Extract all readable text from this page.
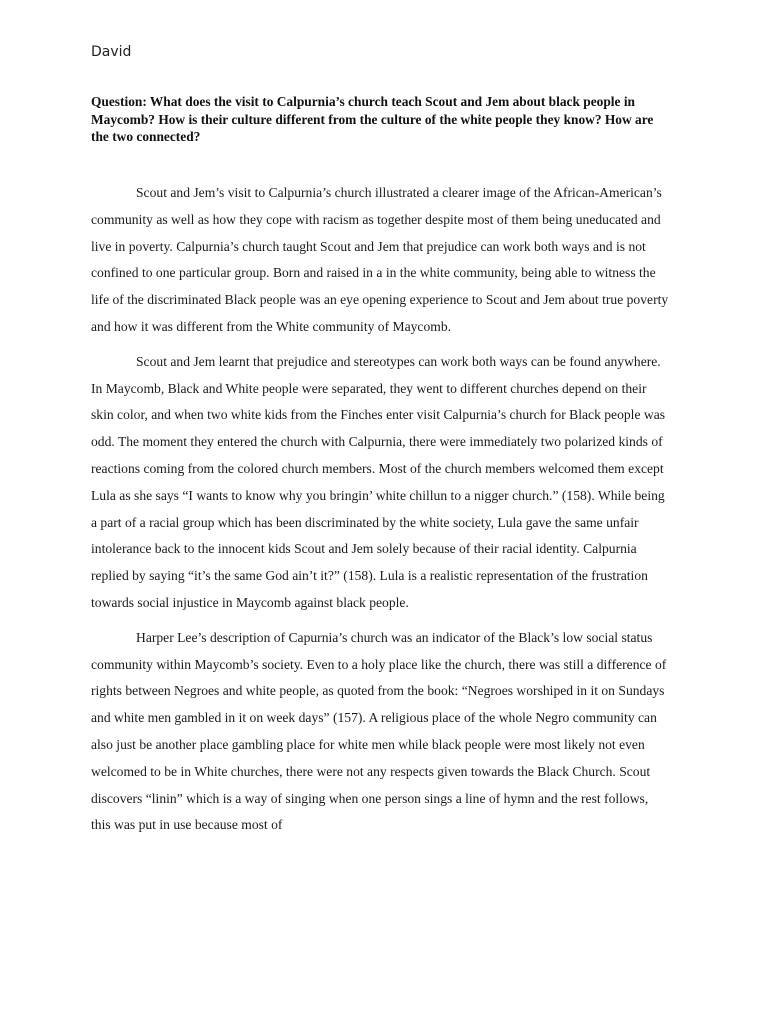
David

Question: What does the visit to Calpurnia’s church teach Scout and Jem about black people in Maycomb? How is their culture different from the culture of the white people they know? How are the two connected?

Scout and Jem’s visit to Calpurnia’s church illustrated a clearer image of the African-American’s community as well as how they cope with racism as together despite most of them being uneducated and live in poverty. Calpurnia’s church taught Scout and Jem that prejudice can work both ways and is not confined to one particular group. Born and raised in a in the white community, being able to witness the life of the discriminated Black people was an eye opening experience to Scout and Jem about true poverty and how it was different from the White community of Maycomb.

Scout and Jem learnt that prejudice and stereotypes can work both ways can be found anywhere. In Maycomb, Black and White people were separated, they went to different churches depend on their skin color, and when two white kids from the Finches enter visit Calpurnia’s church for Black people was odd. The moment they entered the church with Calpurnia, there were immediately two polarized kinds of reactions coming from the colored church members. Most of the church members welcomed them except Lula as she says “I wants to know why you bringin’ white chillun to a nigger church.” (158). While being a part of a racial group which has been discriminated by the white society, Lula gave the same unfair intolerance back to the innocent kids Scout and Jem solely because of their racial identity. Calpurnia replied by saying “it’s the same God ain’t it?” (158). Lula is a realistic representation of the frustration towards social injustice in Maycomb against black people.

Harper Lee’s description of Capurnia’s church was an indicator of the Black’s low social status community within Maycomb’s society. Even to a holy place like the church, there was still a difference of rights between Negroes and white people, as quoted from the book: “Negroes worshiped in it on Sundays and white men gambled in it on week days” (157). A religious place of the whole Negro community can also just be another place gambling place for white men while black people were most likely not even welcomed to be in White churches, there were not any respects given towards the Black Church. Scout discovers “linin” which is a way of singing when one person sings a line of hymn and the rest follows, this was put in use because most of
